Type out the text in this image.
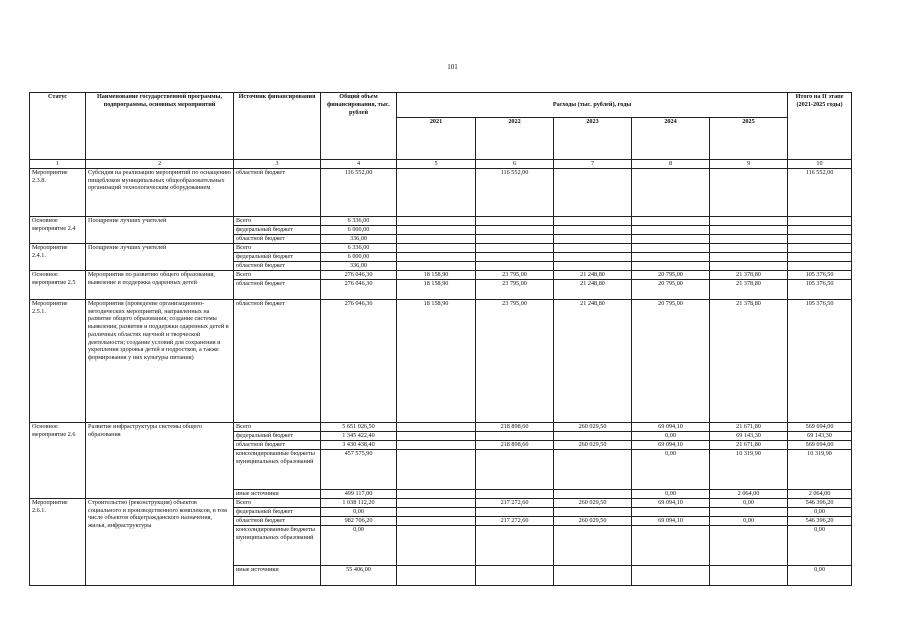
101
Статус	Наименование государственной программы, подпрограммы, основных мероприятий	Источник финансирования	Общий объем финансирования, тыс. рублей	Расходы (тыс. рублей), годы					Итого на II этапе (2021-2025 годы)
				2021	2022	2023	2024	2025	
1	2	3	4	5	6	7	8	9	10
Мероприятие 2.3.8.	Субсидия на реализацию мероприятий по оснащению пищеблоков муниципальных общеобразовательных организаций технологическим оборудованием	областной бюджет	116 552,00		116 552,00				116 552,00
Основное мероприятие 2.4	Поощрение лучших учителей	Всего	6 336,00						
		федеральный бюджет	6 000,00						
		областной бюджет	336,00						
Мероприятие 2.4.1.	Поощрение лучших учителей	Всего	6 336,00						
		федеральный бюджет	6 000,00						
		областной бюджет	336,00						
Основное мероприятие 2.5	Мероприятия по развитию общего образования, выявление и поддержка одаренных детей	Всего	276 046,30	18 158,90	23 795,00	21 248,80	20 795,00	21 378,80	105 376,50
		областной бюджет	276 046,30	18 158,90	23 795,00	21 248,80	20 795,00	21 378,80	105 376,50
Мероприятие 2.5.1.	Мероприятия (проведение организационно-методических мероприятий, направленных на развитие общего образования; создание системы выявления, развития и поддержки одаренных детей в различных областях научной и творческой деятельности; создание условий для сохранения и укрепления здоровья детей и подростков, а также формирования у них культуры питания)	областной бюджет	276 046,30	18 158,90	23 795,00	21 248,80	20 795,00	21 378,80	105 376,50
Основное мероприятие 2.6	Развитие инфраструктуры системы общего образования	Всего	5 651 026,50		218 898,60	260 029,50	69 094,10	21 671,80	569 694,00
		федеральный бюджет	1 345 422,40				0,00	69 143,30	69 143,30
		областной бюджет	3 430 438,40		218 898,60	260 029,50	69 094,10	21 671,80	569 694,00
		консолидированные бюджеты муниципальных образований	457 575,90				0,00	10 319,90	10 319,90
		иные источники	499 117,00				0,00	2 064,00	2 064,00
Мероприятие 2.6.1.	Строительство (реконструкция) объектов социального и производственного комплексов, в том числе объектов общегражданского назначения, жилья, инфраструктуры	Всего	1 038 112,20		217 272,60	260 029,50	69 094,10	0,00	546 396,20
		федеральный бюджет	0,00						0,00
		областной бюджет	982 706,20		217 272,60	260 029,50	69 094,10	0,00	546 396,20
		консолидированные бюджеты муниципальных образований	0,00						0,00
		иные источники	55 406,00						0,00
